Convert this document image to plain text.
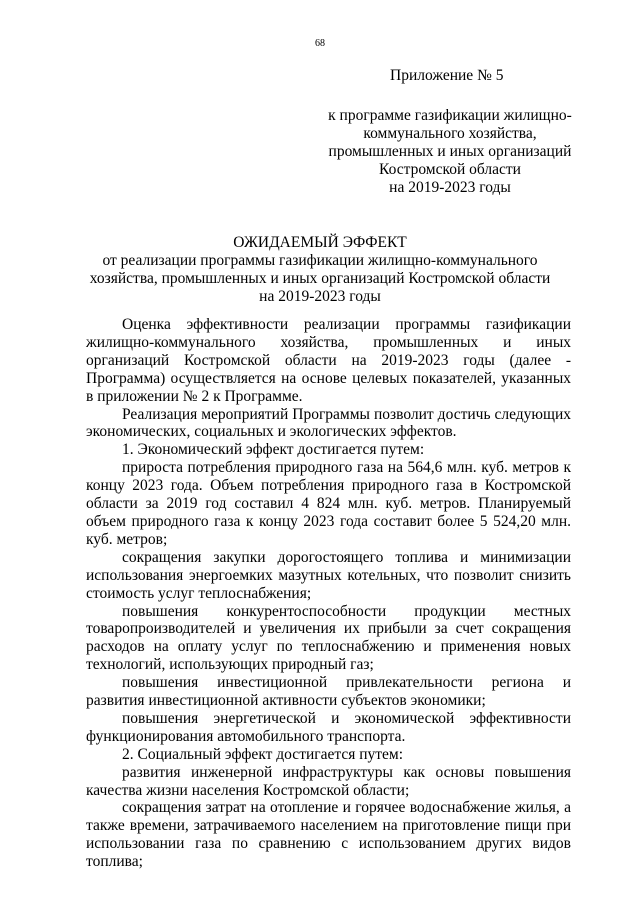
68
Приложение № 5
к программе газификации жилищно-
коммунального хозяйства,
промышленных и иных организаций
Костромской области
на 2019-2023 годы
ОЖИДАЕМЫЙ ЭФФЕКТ
от реализации программы газификации жилищно-коммунального
хозяйства, промышленных и иных организаций Костромской области
на 2019-2023 годы

Оценка эффективности реализации программы газификации жилищно-коммунального хозяйства, промышленных и иных организаций Костромской области на 2019-2023 годы (далее - Программа) осуществляется на основе целевых показателей, указанных в приложении № 2 к Программе.

Реализация мероприятий Программы позволит достичь следующих экономических, социальных и экологических эффектов.

1. Экономический эффект достигается путем:

прироста потребления природного газа на 564,6 млн. куб. метров к концу 2023 года. Объем потребления природного газа в Костромской области за 2019 год составил 4 824 млн. куб. метров. Планируемый объем природного газа к концу 2023 года составит более 5 524,20 млн. куб. метров;

сокращения закупки дорогостоящего топлива и минимизации использования энергоемких мазутных котельных, что позволит снизить стоимость услуг теплоснабжения;

повышения конкурентоспособности продукции местных товаропроизводителей и увеличения их прибыли за счет сокращения расходов на оплату услуг по теплоснабжению и применения новых технологий, использующих природный газ;

повышения инвестиционной привлекательности региона и развития инвестиционной активности субъектов экономики;

повышения энергетической и экономической эффективности функционирования автомобильного транспорта.

2. Социальный эффект достигается путем:

развития инженерной инфраструктуры как основы повышения качества жизни населения Костромской области;

сокращения затрат на отопление и горячее водоснабжение жилья, а также времени, затрачиваемого населением на приготовление пищи при использовании газа по сравнению с использованием других видов топлива;
